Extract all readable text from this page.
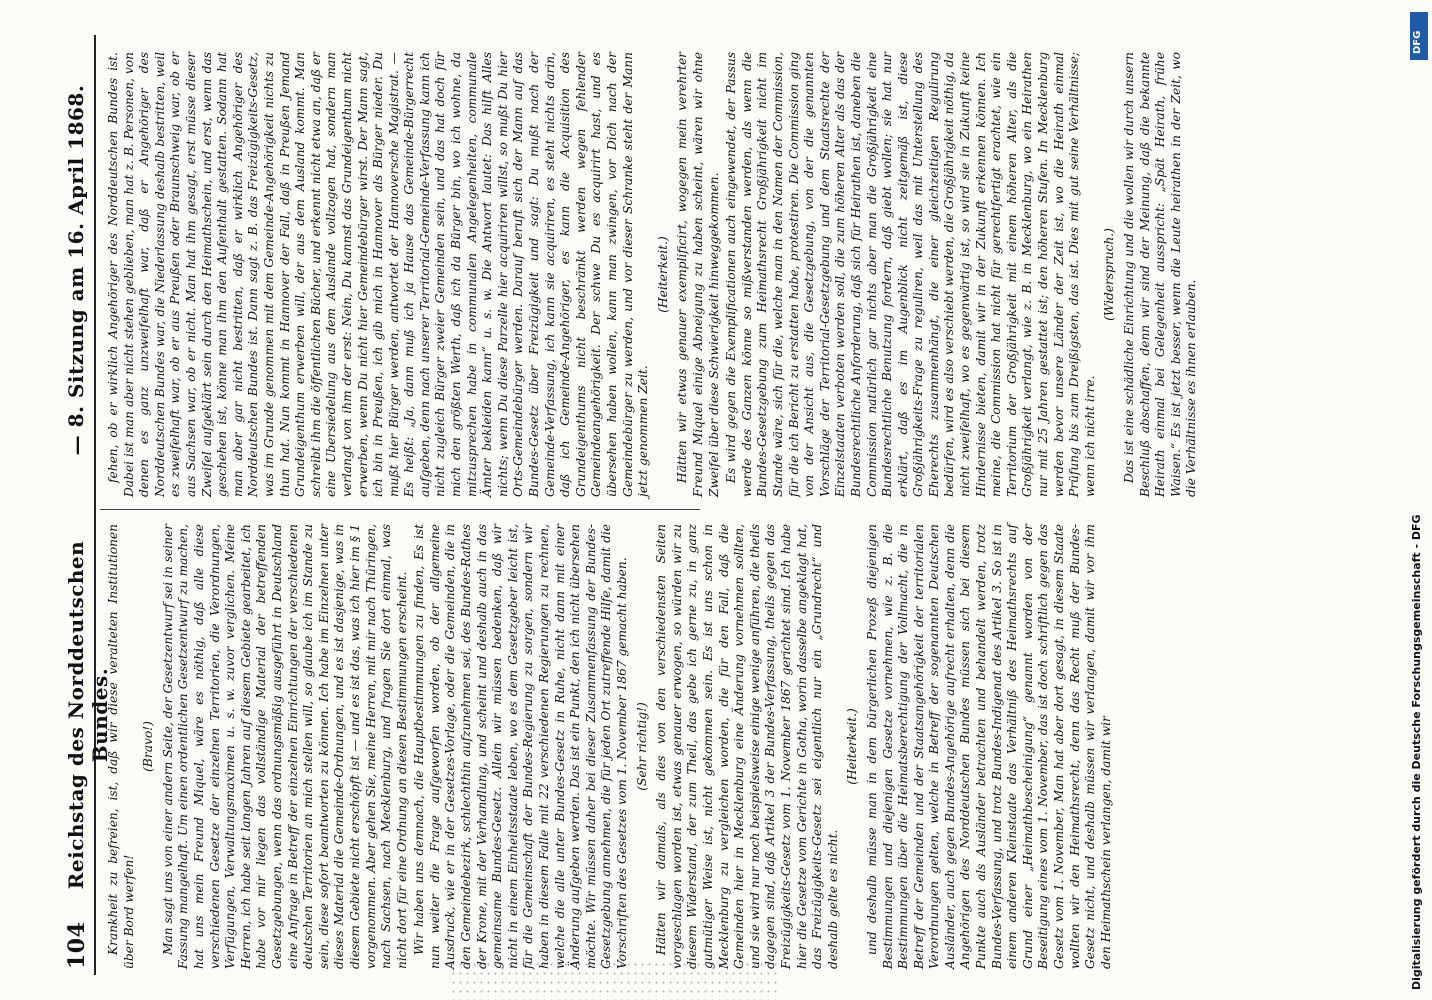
104
Reichstag des Norddeutschen Bundes.
— 8. Sitzung am 16. April 1868.

Krankheit zu befreien, ist, daß wir diese veralteten Institutionen über Bord werfen!

(Bravo!) Man sagt uns von einer andern Seite, der Gesetzentwurf sei in seiner Fassung mangelhaft. Um einen ordentlichen Gesetzentwurf zu machen, hat uns mein Freund Miquel, wäre es nöthig, daß alle diese verschiedenen Gesetze der einzelnen Territorien, die Verordnungen, Verfügungen, Verwaltungsmaximen u. s. w. zuvor verglichen. Meine Herren, ich habe seit langen Jahren auf diesem Gebiete gearbeitet, ich habe vor mir liegen das vollständige Material der betreffenden Gesetzgebungen, wenn das ordnungsmäßig ausgeführt in Deutschland eine Anfrage in Betreff der einzelnen Einrichtungen der verschiedenen deutschen Territorien an mich stellen will, so glaube ich im Stande zu sein, diese sofort beantworten zu können. Ich habe im Einzelnen unter dieses Material die Gemeinde-Ordnungen, und es ist dasjenige, was in diesem Gebiete nicht erschöpft ist — und es ist das, was ich hier im § 1 vorgenommen. Aber gehen Sie, meine Herren, mit mir nach Thüringen, nach Sachsen, nach Mecklenburg, und fragen Sie dort einmal, was nicht dort für eine Ordnung an diesen Bestimmungen erscheint. Wir haben uns demnach, die Hauptbestimmungen zu finden, Es ist nun weiter die Frage aufgeworfen worden, ob der allgemeine Ausdruck, wie er in der Gesetzes-Vorlage, oder die Gemeinden, die in den Gemeindebezirk, schlechthin aufzunehmen sei, des Bundes-Rathes der Krone, mit der Verhandlung, und scheint und deshalb auch in das gemeinsame Bundes-Gesetz. Allein wir müssen bedenken, daß wir nicht in einem Einheitsstaate leben, wo es dem Gesetzgeber leicht ist, für die Gemeinschaft der Bundes-Regierung zu sorgen, sondern wir haben in diesem Falle mit 22 verschiedenen Regierungen zu rechnen, welche die alle unter Bundes-Gesetz in Ruhe, nicht dann mit einer Änderung aufgeben werden. Das ist ein Punkt, den ich nicht übersehen möchte. Wir müssen daher bei dieser Zusammenfassung der Bundes-Gesetzgebung annehmen, die für jeden Ort zutreffende Hilfe, damit die Vorschriften des Gesetzes vom 1. November 1867 gemacht haben. (Sehr richtig!) Hätten wir damals, als dies von den verschiedensten Seiten vorgeschlagen worden ist, etwas genauer erwogen, so würden wir zu diesem Widerstand, der zum Theil, das gebe ich gerne zu, in ganz gutmütiger Weise ist, nicht gekommen sein. Es ist uns schon in Mecklenburg zu vergleichen worden, die für den Fall, daß die Gemeinden hier in Mecklenburg eine Änderung vornehmen sollten, und sie wird nur noch beispielsweise einige wenige anführen, die theils dagegen sind, daß Artikel 3 der Bundes-Verfassung, theils gegen das Freizügigkeits-Gesetz vom 1. November 1867 gerichtet sind. Ich habe hier die Gesetze vom Gerichte in Gotha, worin dasselbe angeklagt hat, das Freizügigkeits-Gesetz sei eigentlich nur ein „Grundrecht“ und deshalb gelte es nicht.

(Heiterkeit.) und deshalb müsse man in dem bürgerlichen Prozeß diejenigen Bestimmungen und diejenigen Gesetze vornehmen, wie z. B. die Bestimmungen über die Heimatsberechtigung der Vollmacht, die in Betreff der Gemeinden und der Staatsangehörigkeit der territorialen Verordnungen gelten, welche in Betreff der sogenannten Deutschen Ausländer, auch gegen Bundes-Angehörige aufrecht erhalten, denn die Angehörigen des Norddeutschen Bundes müssen sich bei diesem Punkte auch als Ausländer betrachten und behandelt werden, trotz Bundes-Verfassung, und trotz Bundes-Indigenat des Artikel 3. So ist in einem anderen Kleinstaate das Verhältniß des Heimathsrechts auf Grund einer „Heimathbescheinigung“ genannt worden von der Beseitigung eines vom 1. November, das ist doch schriftlich gegen das Gesetz vom 1. November, Man hat aber dort gesagt, in diesem Staate wollten wir den Heimathsrecht, denn das Recht muß der Bundes-Gesetz nicht, und deshalb müssen wir verlangen, damit wir vor ihm den Heimathschein verlangen, damit wir

fehen, ob er wirklich Angehöriger des Norddeutschen Bundes ist. Dabei ist man aber nicht stehen geblieben, man hat z. B. Personen, von denen es ganz unzweifelhaft war, daß er Angehöriger des Norddeutschen Bundes war, die Niederlassung deshalb bestritten, weil es zweifelhaft war, ob er aus Preußen oder Braunschweig war, ob er aus Sachsen war, ob er nicht. Man hat ihm gesagt, erst müsse dieser Zweifel aufgeklärt sein durch den Heimathschein, und erst, wenn das geschehen ist, könne man ihm den Aufenthalt gestatten. Sodann hat man aber gar nicht bestritten, daß er wirklich Angehöriger des Norddeutschen Bundes ist. Dann sagt z. B. das Freizügigkeits-Gesetz, was im Grunde genommen mit dem Gemeinde-Angehörigkeit nichts zu thun hat. Nun kommt in Hannover der Fall, daß in Preußen Jemand Grundeigenthum erwerben will, der aus dem Ausland kommt. Man schreibt ihm die öffentlichen Bücher, und erkennt nicht etwa an, daß er eine Ubersiedelung aus dem Auslande vollzogen hat, sondern man verlangt von ihm der erst: Nein, Du kannst das Grundeigenthum nicht erwerben, wenn Du nicht hier Gemeindebürger wirst. Der Mann sagt, ich bin in Preußen, ich gib mich in Hannover als Bürger nieder. Du mußt hier Bürger werden, antwortet der Hannoversche Magistrat. — Es heißt: „Ja, dann muß ich ja Hause das Gemeinde-Bürgerrecht aufgeben, denn nach unserer Territorial-Gemeinde-Verfassung kann ich nicht zugleich Bürger zweier Gemeinden sein, und das hat doch für mich den größten Werth, daß ich da Bürger bin, wo ich wohne, da mitzusprechen habe in communalen Angelegenheiten, communale Ämter bekleiden kann“ u. s. w. Die Antwort lautet: Das hilft Alles nichts; wenn Du diese Parzelle hier acquiriren willst, so mußt Du hier Orts-Gemeindebürger werden. Darauf beruft sich der Mann auf das Bundes-Gesetz über Freizügigkeit und sagt: Du mußt nach der Gemeinde-Verfassung, ich kann sie acquiriren, es steht nichts darin, daß ich Gemeinde-Angehöriger, es kann die Acquisition des Grundeigenthums nicht beschränkt werden wegen fehlender Gemeindeangehörigkeit. Der schwe Du es acquirirt hast, und es übersehen haben wollen, kann man zwingen, vor Dich nach der Gemeindebürger zu werden, und vor dieser Schranke steht der Mann jetzt genommen Zeit.

(Heiterkeit.) Hätten wir etwas genauer exemplificirt, wogegen mein verehrter Freund Miquel einige Abneigung zu haben scheint, wären wir ohne Zweifel über diese Schwierigkeit hinweggekommen. Es wird gegen die Exemplificationen auch eingewendet, der Passus werde des Ganzen könne so mißverstanden werden, als wenn die Bundes-Gesetzgebung zum Heimathsrecht Großjährigkeit nicht im Stande wäre, sich für die, welche man in den Namen der Commission, für die ich Bericht zu erstatten habe, protestiren. Die Commission ging von der Ansicht aus, die Gesetzgebung, von der die genannten Vorschläge der Territorial-Gesetzgebung und dem Staatsrechte der Einzelstaaten verboten werden soll, die zum höheren Alter als das der Bundesrechtliche Anforderung, daß sich für Heirathen ist, daneben die Commission natürlich gar nichts aber man die Großjährigkeit eine Bundesrechtliche Benutzung fordern, daß giebt wollen; sie hat nur erklärt, daß es im Augenblick nicht zeitgemäß ist, diese Großjährigkeits-Frage zu reguliren, weil das mit Unterstellung des Eherechts zusammenhängt, die einer gleichzeitigen Regulirung bedürfen, wird es also verschiebt werden, die Großjährigkeit nöthig, da nicht zweifelhaft, wo es gegenwärtig ist, so wird sie in Zukunft keine Hindernisse bieten, damit wir in der Zukunft erkennen können. Ich meine, die Commission hat nicht für gerechtfertigt erachtet, wie ein Territorium der Großjährigkeit mit einem höheren Alter, als die Großjährigkeit verlangt, wie z. B. in Mecklenburg, wo ein Heirathen nur mit 25 Jahren gestattet ist; den höheren Stufen. In Mecklenburg werden bevor unsere Länder der Zeit ist, wo die Heirath einmal Prüfung bis zum Dreißigsten, das ist. Dies mit gut seine Verhältnisse; wenn ich nicht irre.

(Widerspruch.) Das ist eine schädliche Einrichtung und die wollen wir durch unsern Beschluß abschaffen, denn wir sind der Meinung, daß die bekannte Heirath einmal bei Gelegenheit ausspricht: „Spät Heirath, frühe Waisen.“ Es ist jetzt besser, wenn die Leute heirathen in der Zeit, wo die Verhältnisse es ihnen erlauben.

DFG
Digitalisierung gefördert durch die Deutsche Forschungsgemeinschaft - DFG
